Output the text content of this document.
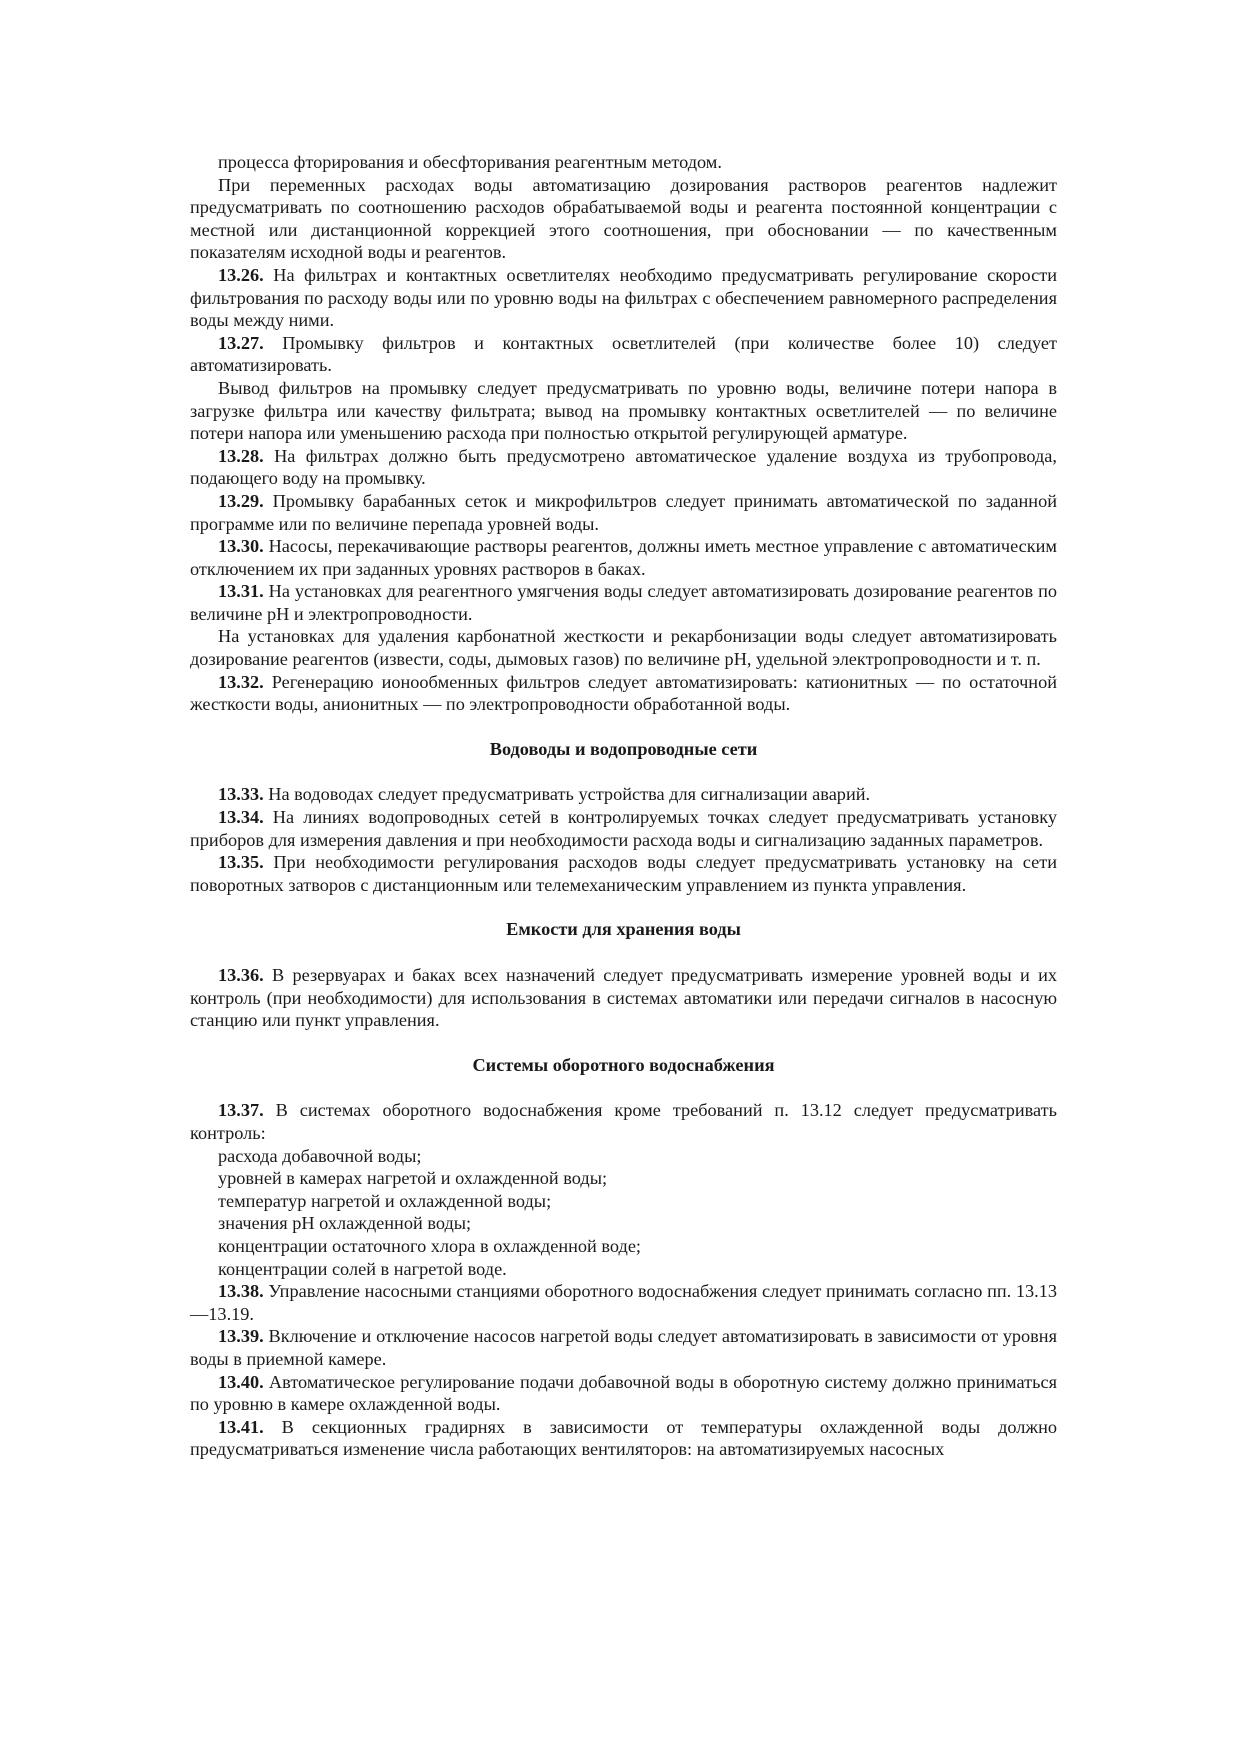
процесса фторирования и обесфторивания реагентным методом.

При переменных расходах воды автоматизацию дозирования растворов реагентов надлежит предусматривать по соотношению расходов обрабатываемой воды и реагента постоянной концентрации с местной или дистанционной коррекцией этого соотношения, при обосновании — по качественным показателям исходной воды и реагентов.

13.26. На фильтрах и контактных осветлителях необходимо предусматривать регулирование скорости фильтрования по расходу воды или по уровню воды на фильтрах с обеспечением равномерного распределения воды между ними.

13.27. Промывку фильтров и контактных осветлителей (при количестве более 10) следует автоматизировать.

Вывод фильтров на промывку следует предусматривать по уровню воды, величине потери напора в загрузке фильтра или качеству фильтрата; вывод на промывку контактных осветлителей — по величине потери напора или уменьшению расхода при полностью открытой регулирующей арматуре.

13.28. На фильтрах должно быть предусмотрено автоматическое удаление воздуха из трубопровода, подающего воду на промывку.

13.29. Промывку барабанных сеток и микрофильтров следует принимать автоматической по заданной программе или по величине перепада уровней воды.

13.30. Насосы, перекачивающие растворы реагентов, должны иметь местное управление с автоматическим отключением их при заданных уровнях растворов в баках.

13.31. На установках для реагентного умягчения воды следует автоматизировать дозирование реагентов по величине pH и электропроводности.

На установках для удаления карбонатной жесткости и рекарбонизации воды следует автоматизировать дозирование реагентов (извести, соды, дымовых газов) по величине pH, удельной электропроводности и т. п.

13.32. Регенерацию ионообменных фильтров следует автоматизировать: катионитных — по остаточной жесткости воды, анионитных — по электропроводности обработанной воды.

Водоводы и водопроводные сети

13.33. На водоводах следует предусматривать устройства для сигнализации аварий.

13.34. На линиях водопроводных сетей в контролируемых точках следует предусматривать установку приборов для измерения давления и при необходимости расхода воды и сигнализацию заданных параметров.

13.35. При необходимости регулирования расходов воды следует предусматривать установку на сети поворотных затворов с дистанционным или телемеханическим управлением из пункта управления.

Емкости для хранения воды

13.36. В резервуарах и баках всех назначений следует предусматривать измерение уровней воды и их контроль (при необходимости) для использования в системах автоматики или передачи сигналов в насосную станцию или пункт управления.

Системы оборотного водоснабжения

13.37. В системах оборотного водоснабжения кроме требований п. 13.12 следует предусматривать контроль:

расхода добавочной воды;

уровней в камерах нагретой и охлажденной воды;

температур нагретой и охлажденной воды;

значения pH охлажденной воды;

концентрации остаточного хлора в охлажденной воде;

концентрации солей в нагретой воде.

13.38. Управление насосными станциями оборотного водоснабжения следует принимать согласно пп. 13.13—13.19.

13.39. Включение и отключение насосов нагретой воды следует автоматизировать в зависимости от уровня воды в приемной камере.

13.40. Автоматическое регулирование подачи добавочной воды в оборотную систему должно приниматься по уровню в камере охлажденной воды.

13.41. В секционных градирнях в зависимости от температуры охлажденной воды должно предусматриваться изменение числа работающих вентиляторов: на автоматизируемых насосных
